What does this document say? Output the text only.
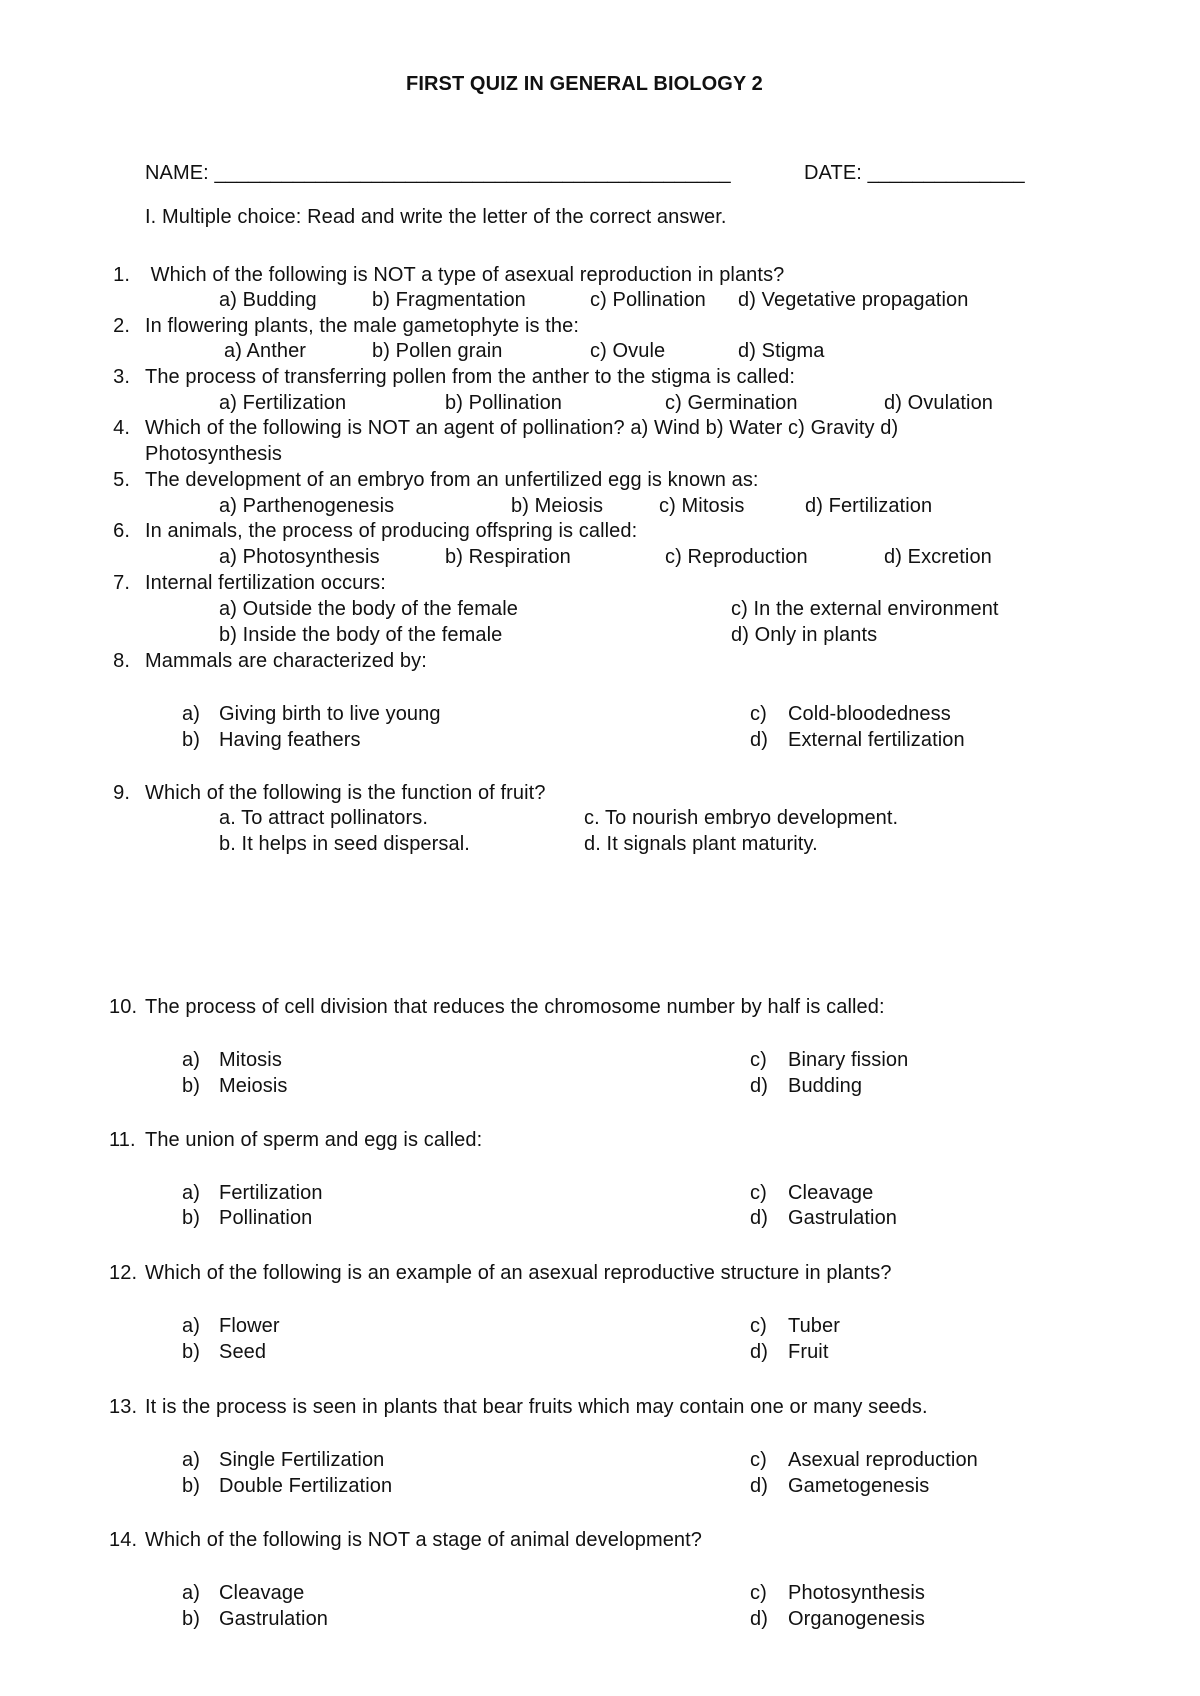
FIRST QUIZ IN GENERAL BIOLOGY 2
NAME: ______________________________________________	DATE: ______________
I. Multiple choice: Read and write the letter of the correct answer.
1. Which of the following is NOT a type of asexual reproduction in plants?
a) Budding	b) Fragmentation	c) Pollination d) Vegetative propagation
2. In flowering plants, the male gametophyte is the:
a) Anther	b) Pollen grain	c) Ovule	d) Stigma
3. The process of transferring pollen from the anther to the stigma is called:
a) Fertilization	b) Pollination	c) Germination	d) Ovulation
4. Which of the following is NOT an agent of pollination? a) Wind b) Water c) Gravity d)
Photosynthesis
5. The development of an embryo from an unfertilized egg is known as:
a) Parthenogenesis	b) Meiosis	c) Mitosis	d) Fertilization
6. In animals, the process of producing offspring is called:
a) Photosynthesis	b) Respiration	c) Reproduction	d) Excretion
7. Internal fertilization occurs:
a) Outside the body of the female	c) In the external environment
b) Inside the body of the female	d) Only in plants
8. Mammals are characterized by:
a) Giving birth to live young	c) Cold-bloodedness
b) Having feathers	d) External fertilization
9. Which of the following is the function of fruit?
a. To attract pollinators.	c. To nourish embryo development.
b. It helps in seed dispersal.	d. It signals plant maturity.
10. The process of cell division that reduces the chromosome number by half is called:
a) Mitosis	c) Binary fission
b) Meiosis	d) Budding
11. The union of sperm and egg is called:
a) Fertilization	c) Cleavage
b) Pollination	d) Gastrulation
12. Which of the following is an example of an asexual reproductive structure in plants?
a) Flower	c) Tuber
b) Seed	d) Fruit
13. It is the process is seen in plants that bear fruits which may contain one or many seeds.
a) Single Fertilization	c) Asexual reproduction
b) Double Fertilization	d) Gametogenesis
14. Which of the following is NOT a stage of animal development?
a) Cleavage	c) Photosynthesis
b) Gastrulation	d) Organogenesis
